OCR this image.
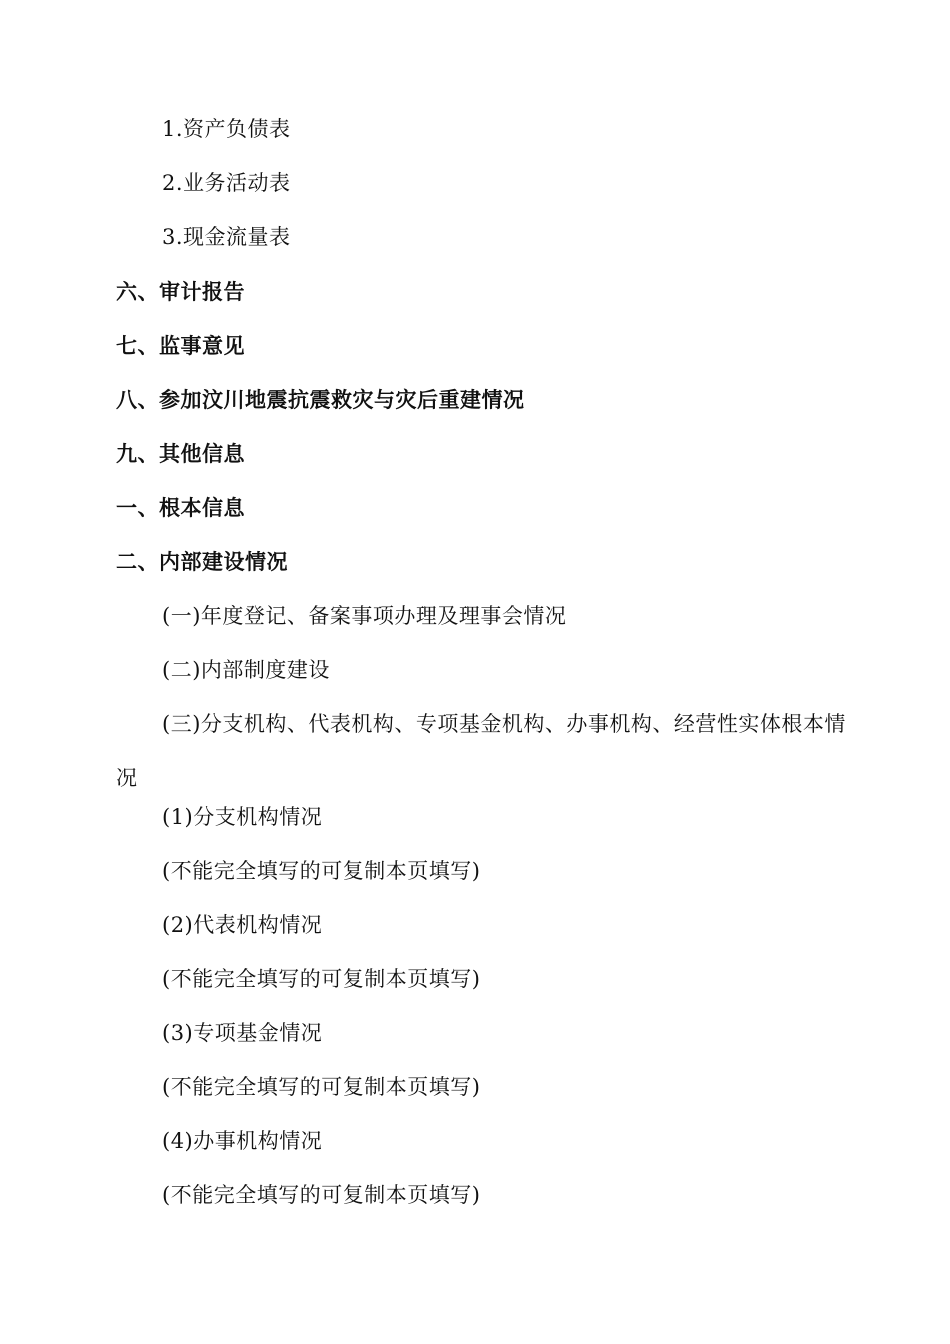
1.资产负债表
2.业务活动表
3.现金流量表
六、审计报告
七、监事意见
八、参加汶川地震抗震救灾与灾后重建情况
九、其他信息
一、根本信息
二、内部建设情况
(一)年度登记、备案事项办理及理事会情况
(二)内部制度建设
(三)分支机构、代表机构、专项基金机构、办事机构、经营性实体根本情况
(1)分支机构情况
(不能完全填写的可复制本页填写)
(2)代表机构情况
(不能完全填写的可复制本页填写)
(3)专项基金情况
(不能完全填写的可复制本页填写)
(4)办事机构情况
(不能完全填写的可复制本页填写)
